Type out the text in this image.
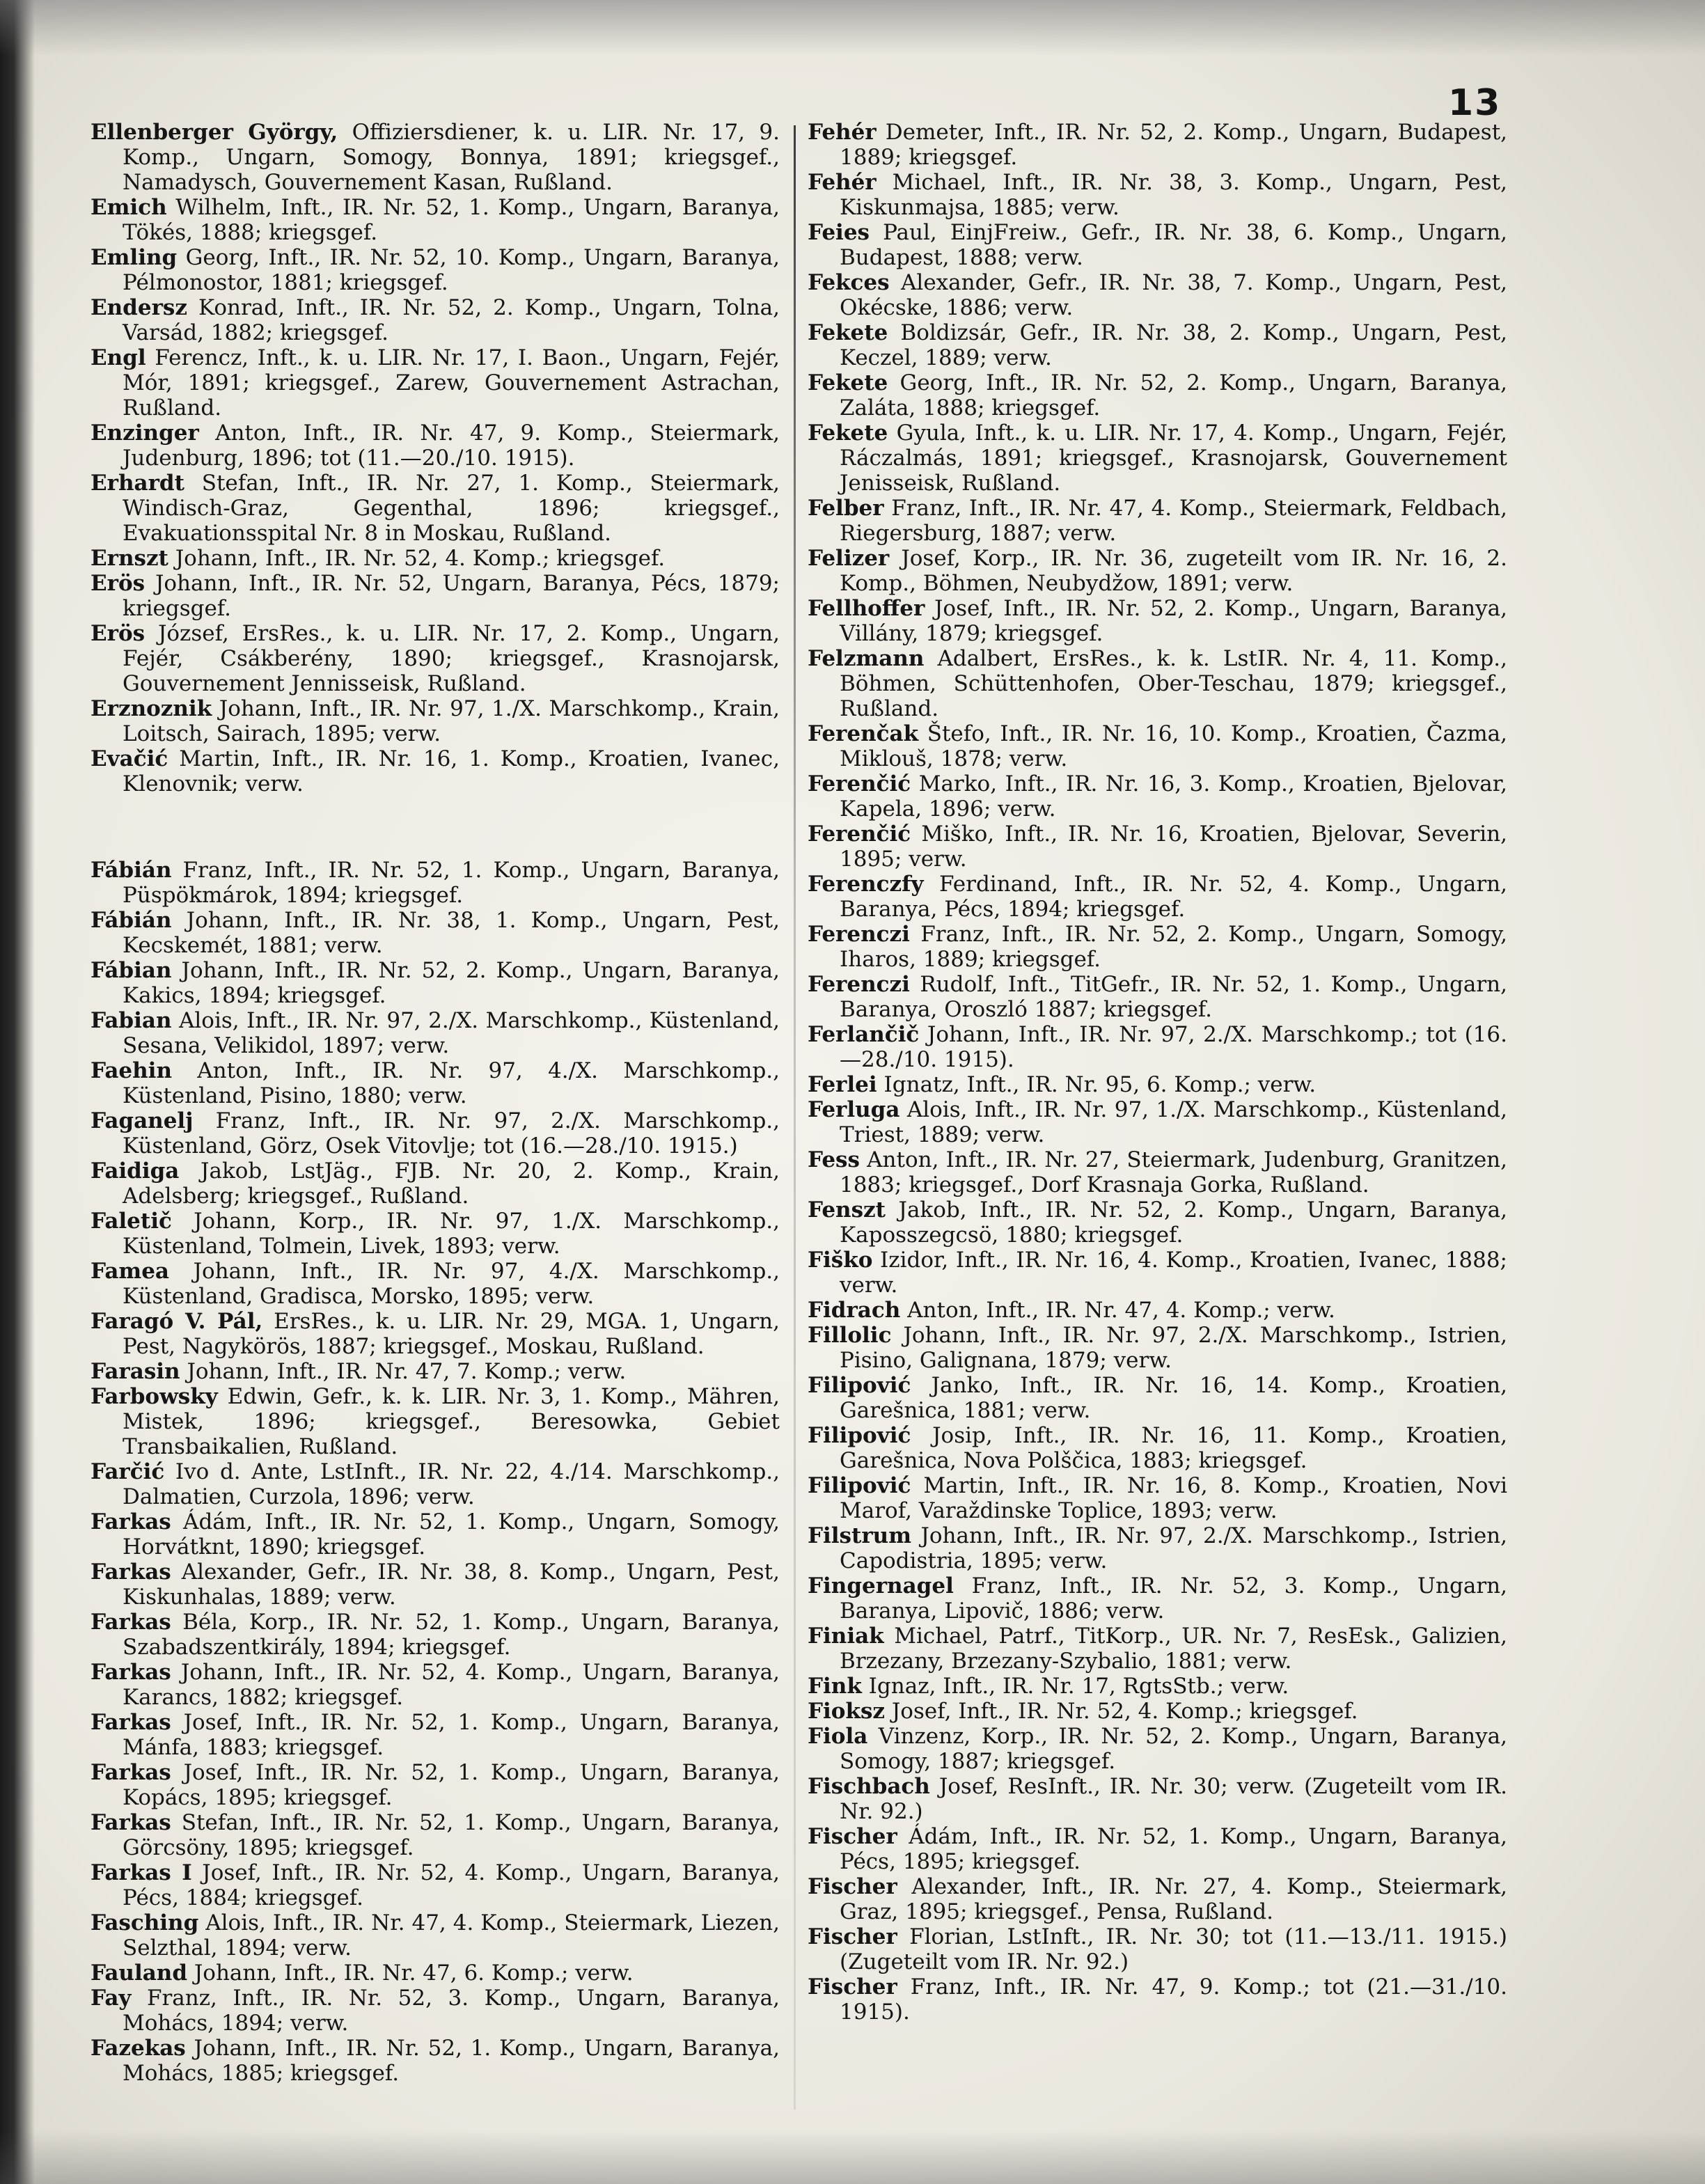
13

Ellenberger György, Offiziersdiener, k. u. LIR. Nr. 17, 9. Komp., Ungarn, Somogy, Bonnya, 1891; kriegsgef., Namadysch, Gouvernement Kasan, Rußland.

Emich Wilhelm, Inft., IR. Nr. 52, 1. Komp., Ungarn, Baranya, Tökés, 1888; kriegsgef.

Emling Georg, Inft., IR. Nr. 52, 10. Komp., Ungarn, Baranya, Pélmonostor, 1881; kriegsgef.

Endersz Konrad, Inft., IR. Nr. 52, 2. Komp., Ungarn, Tolna, Varsád, 1882; kriegsgef.

Engl Ferencz, Inft., k. u. LIR. Nr. 17, I. Baon., Ungarn, Fejér, Mór, 1891; kriegsgef., Zarew, Gouvernement Astrachan, Rußland.

Enzinger Anton, Inft., IR. Nr. 47, 9. Komp., Steiermark, Judenburg, 1896; tot (11.—20./10. 1915).

Erhardt Stefan, Inft., IR. Nr. 27, 1. Komp., Steiermark, Windisch-Graz, Gegenthal, 1896; kriegsgef., Evakuationsspital Nr. 8 in Moskau, Rußland.

Ernszt Johann, Inft., IR. Nr. 52, 4. Komp.; kriegsgef.

Erös Johann, Inft., IR. Nr. 52, Ungarn, Baranya, Pécs, 1879; kriegsgef.

Erös József, ErsRes., k. u. LIR. Nr. 17, 2. Komp., Ungarn, Fejér, Csákberény, 1890; kriegsgef., Krasnojarsk, Gouvernement Jennisseisk, Rußland.

Erznoznik Johann, Inft., IR. Nr. 97, 1./X. Marschkomp., Krain, Loitsch, Sairach, 1895; verw.

Evačić Martin, Inft., IR. Nr. 16, 1. Komp., Kroatien, Ivanec, Klenovnik; verw.

Fábián Franz, Inft., IR. Nr. 52, 1. Komp., Ungarn, Baranya, Püspökmárok, 1894; kriegsgef.

Fábián Johann, Inft., IR. Nr. 38, 1. Komp., Ungarn, Pest, Kecskemét, 1881; verw.

Fábian Johann, Inft., IR. Nr. 52, 2. Komp., Ungarn, Baranya, Kakics, 1894; kriegsgef.

Fabian Alois, Inft., IR. Nr. 97, 2./X. Marschkomp., Küstenland, Sesana, Velikidol, 1897; verw.

Faehin Anton, Inft., IR. Nr. 97, 4./X. Marschkomp., Küstenland, Pisino, 1880; verw.

Faganelj Franz, Inft., IR. Nr. 97, 2./X. Marschkomp., Küstenland, Görz, Osek Vitovlje; tot (16.—28./10. 1915.)

Faidiga Jakob, LstJäg., FJB. Nr. 20, 2. Komp., Krain, Adelsberg; kriegsgef., Rußland.

Faletič Johann, Korp., IR. Nr. 97, 1./X. Marschkomp., Küstenland, Tolmein, Livek, 1893; verw.

Famea Johann, Inft., IR. Nr. 97, 4./X. Marschkomp., Küstenland, Gradisca, Morsko, 1895; verw.

Faragó V. Pál, ErsRes., k. u. LIR. Nr. 29, MGA. 1, Ungarn, Pest, Nagykörös, 1887; kriegsgef., Moskau, Rußland.

Farasin Johann, Inft., IR. Nr. 47, 7. Komp.; verw.

Farbowsky Edwin, Gefr., k. k. LIR. Nr. 3, 1. Komp., Mähren, Mistek, 1896; kriegsgef., Beresowka, Gebiet Transbaikalien, Rußland.

Farčić Ivo d. Ante, LstInft., IR. Nr. 22, 4./14. Marschkomp., Dalmatien, Curzola, 1896; verw.

Farkas Ádám, Inft., IR. Nr. 52, 1. Komp., Ungarn, Somogy, Horvátknt, 1890; kriegsgef.

Farkas Alexander, Gefr., IR. Nr. 38, 8. Komp., Ungarn, Pest, Kiskunhalas, 1889; verw.

Farkas Béla, Korp., IR. Nr. 52, 1. Komp., Ungarn, Baranya, Szabadszentkirály, 1894; kriegsgef.

Farkas Johann, Inft., IR. Nr. 52, 4. Komp., Ungarn, Baranya, Karancs, 1882; kriegsgef.

Farkas Josef, Inft., IR. Nr. 52, 1. Komp., Ungarn, Baranya, Mánfa, 1883; kriegsgef.

Farkas Josef, Inft., IR. Nr. 52, 1. Komp., Ungarn, Baranya, Kopács, 1895; kriegsgef.

Farkas Stefan, Inft., IR. Nr. 52, 1. Komp., Ungarn, Baranya, Görcsöny, 1895; kriegsgef.

Farkas I Josef, Inft., IR. Nr. 52, 4. Komp., Ungarn, Baranya, Pécs, 1884; kriegsgef.

Fasching Alois, Inft., IR. Nr. 47, 4. Komp., Steiermark, Liezen, Selzthal, 1894; verw.

Fauland Johann, Inft., IR. Nr. 47, 6. Komp.; verw.

Fay Franz, Inft., IR. Nr. 52, 3. Komp., Ungarn, Baranya, Mohács, 1894; verw.

Fazekas Johann, Inft., IR. Nr. 52, 1. Komp., Ungarn, Baranya, Mohács, 1885; kriegsgef.

Fehér Demeter, Inft., IR. Nr. 52, 2. Komp., Ungarn, Budapest, 1889; kriegsgef.

Fehér Michael, Inft., IR. Nr. 38, 3. Komp., Ungarn, Pest, Kiskunmajsa, 1885; verw.

Feies Paul, EinjFreiw., Gefr., IR. Nr. 38, 6. Komp., Ungarn, Budapest, 1888; verw.

Fekces Alexander, Gefr., IR. Nr. 38, 7. Komp., Ungarn, Pest, Okécske, 1886; verw.

Fekete Boldizsár, Gefr., IR. Nr. 38, 2. Komp., Ungarn, Pest, Keczel, 1889; verw.

Fekete Georg, Inft., IR. Nr. 52, 2. Komp., Ungarn, Baranya, Zaláta, 1888; kriegsgef.

Fekete Gyula, Inft., k. u. LIR. Nr. 17, 4. Komp., Ungarn, Fejér, Ráczalmás, 1891; kriegsgef., Krasnojarsk, Gouvernement Jenisseisk, Rußland.

Felber Franz, Inft., IR. Nr. 47, 4. Komp., Steiermark, Feldbach, Riegersburg, 1887; verw.

Felizer Josef, Korp., IR. Nr. 36, zugeteilt vom IR. Nr. 16, 2. Komp., Böhmen, Neubydžow, 1891; verw.

Fellhoffer Josef, Inft., IR. Nr. 52, 2. Komp., Ungarn, Baranya, Villány, 1879; kriegsgef.

Felzmann Adalbert, ErsRes., k. k. LstIR. Nr. 4, 11. Komp., Böhmen, Schüttenhofen, Ober-Teschau, 1879; kriegsgef., Rußland.

Ferenčak Štefo, Inft., IR. Nr. 16, 10. Komp., Kroatien, Čazma, Miklouš, 1878; verw.

Ferenčić Marko, Inft., IR. Nr. 16, 3. Komp., Kroatien, Bjelovar, Kapela, 1896; verw.

Ferenčić Miško, Inft., IR. Nr. 16, Kroatien, Bjelovar, Severin, 1895; verw.

Ferenczfy Ferdinand, Inft., IR. Nr. 52, 4. Komp., Ungarn, Baranya, Pécs, 1894; kriegsgef.

Ferenczi Franz, Inft., IR. Nr. 52, 2. Komp., Ungarn, Somogy, Iharos, 1889; kriegsgef.

Ferenczi Rudolf, Inft., TitGefr., IR. Nr. 52, 1. Komp., Ungarn, Baranya, Oroszló 1887; kriegsgef.

Ferlančič Johann, Inft., IR. Nr. 97, 2./X. Marschkomp.; tot (16.—28./10. 1915).

Ferlei Ignatz, Inft., IR. Nr. 95, 6. Komp.; verw.

Ferluga Alois, Inft., IR. Nr. 97, 1./X. Marschkomp., Küstenland, Triest, 1889; verw.

Fess Anton, Inft., IR. Nr. 27, Steiermark, Judenburg, Granitzen, 1883; kriegsgef., Dorf Krasnaja Gorka, Rußland.

Fenszt Jakob, Inft., IR. Nr. 52, 2. Komp., Ungarn, Baranya, Kaposszegcsö, 1880; kriegsgef.

Fiško Izidor, Inft., IR. Nr. 16, 4. Komp., Kroatien, Ivanec, 1888; verw.

Fidrach Anton, Inft., IR. Nr. 47, 4. Komp.; verw.

Fillolic Johann, Inft., IR. Nr. 97, 2./X. Marschkomp., Istrien, Pisino, Galignana, 1879; verw.

Filipović Janko, Inft., IR. Nr. 16, 14. Komp., Kroatien, Garešnica, 1881; verw.

Filipović Josip, Inft., IR. Nr. 16, 11. Komp., Kroatien, Garešnica, Nova Polščica, 1883; kriegsgef.

Filipović Martin, Inft., IR. Nr. 16, 8. Komp., Kroatien, Novi Marof, Varaždinske Toplice, 1893; verw.

Filstrum Johann, Inft., IR. Nr. 97, 2./X. Marschkomp., Istrien, Capodistria, 1895; verw.

Fingernagel Franz, Inft., IR. Nr. 52, 3. Komp., Ungarn, Baranya, Lipovič, 1886; verw.

Finiak Michael, Patrf., TitKorp., UR. Nr. 7, ResEsk., Galizien, Brzezany, Brzezany-Szybalio, 1881; verw.

Fink Ignaz, Inft., IR. Nr. 17, RgtsStb.; verw.

Fioksz Josef, Inft., IR. Nr. 52, 4. Komp.; kriegsgef.

Fiola Vinzenz, Korp., IR. Nr. 52, 2. Komp., Ungarn, Baranya, Somogy, 1887; kriegsgef.

Fischbach Josef, ResInft., IR. Nr. 30; verw. (Zugeteilt vom IR. Nr. 92.)

Fischer Ádám, Inft., IR. Nr. 52, 1. Komp., Ungarn, Baranya, Pécs, 1895; kriegsgef.

Fischer Alexander, Inft., IR. Nr. 27, 4. Komp., Steiermark, Graz, 1895; kriegsgef., Pensa, Rußland.

Fischer Florian, LstInft., IR. Nr. 30; tot (11.—13./11. 1915.) (Zugeteilt vom IR. Nr. 92.)

Fischer Franz, Inft., IR. Nr. 47, 9. Komp.; tot (21.—31./10. 1915).
